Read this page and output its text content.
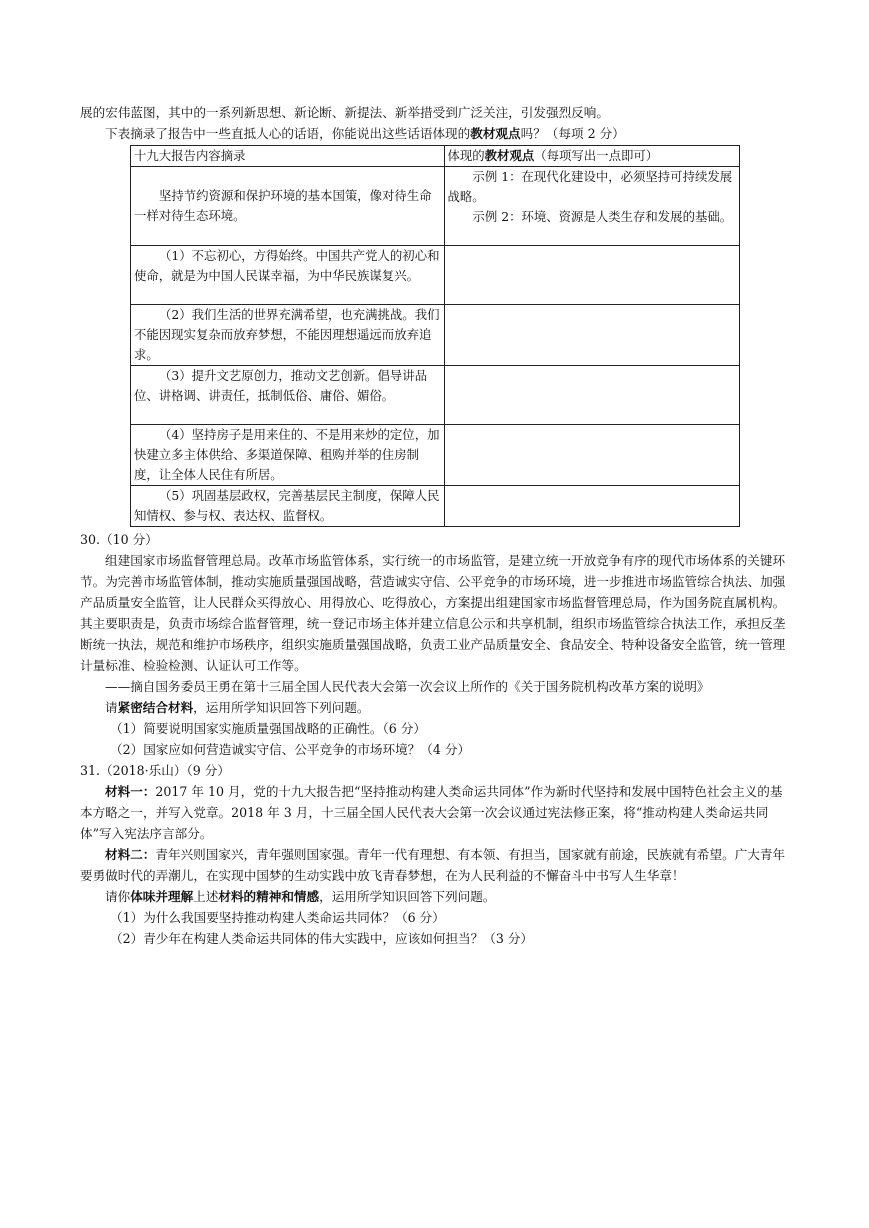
展的宏伟蓝图，其中的一系列新思想、新论断、新提法、新举措受到广泛关注，引发强烈反响。

下表摘录了报告中一些直抵人心的话语，你能说出这些话语体现的教材观点吗？（每项 2 分）

十九大报告内容摘录	体现的教材观点（每项写出一点即可）

坚持节约资源和保护环境的基本国策，像对待生命一样对待生态环境。	示例 1：在现代化建设中，必须坚持可持续发展战略。

示例 2：环境、资源是人类生存和发展的基础。

（1）不忘初心，方得始终。中国共产党人的初心和使命，就是为中国人民谋幸福，为中华民族谋复兴。	

（2）我们生活的世界充满希望，也充满挑战。我们不能因现实复杂而放弃梦想，不能因理想遥远而放弃追求。	

（3）提升文艺原创力，推动文艺创新。倡导讲品位、讲格调、讲责任，抵制低俗、庸俗、媚俗。	

（4）坚持房子是用来住的、不是用来炒的定位，加快建立多主体供给、多渠道保障、租购并举的住房制度，让全体人民住有所居。	

（5）巩固基层政权，完善基层民主制度，保障人民知情权、参与权、表达权、监督权。	

30.（10 分）

组建国家市场监督管理总局。改革市场监管体系，实行统一的市场监管，是建立统一开放竞争有序的现代市场体系的关键环节。为完善市场监管体制，推动实施质量强国战略，营造诚实守信、公平竞争的市场环境，进一步推进市场监管综合执法、加强产品质量安全监管，让人民群众买得放心、用得放心、吃得放心，方案提出组建国家市场监督管理总局，作为国务院直属机构。其主要职责是，负责市场综合监督管理，统一登记市场主体并建立信息公示和共享机制，组织市场监管综合执法工作，承担反垄断统一执法，规范和维护市场秩序，组织实施质量强国战略，负责工业产品质量安全、食品安全、特种设备安全监管，统一管理计量标准、检验检测、认证认可工作等。

——摘自国务委员王勇在第十三届全国人民代表大会第一次会议上所作的《关于国务院机构改革方案的说明》

请紧密结合材料，运用所学知识回答下列问题。

（1）简要说明国家实施质量强国战略的正确性。（6 分）

（2）国家应如何营造诚实守信、公平竞争的市场环境？（4 分）

31.（2018·乐山）（9 分）

材料一：2017 年 10 月，党的十九大报告把“坚持推动构建人类命运共同体”作为新时代坚持和发展中国特色社会主义的基本方略之一，并写入党章。2018 年 3 月，十三届全国人民代表大会第一次会议通过宪法修正案，将“推动构建人类命运共同体”写入宪法序言部分。

材料二：青年兴则国家兴，青年强则国家强。青年一代有理想、有本领、有担当，国家就有前途，民族就有希望。广大青年要勇做时代的弄潮儿，在实现中国梦的生动实践中放飞青春梦想，在为人民利益的不懈奋斗中书写人生华章！

请你体味并理解上述材料的精神和情感，运用所学知识回答下列问题。

（1）为什么我国要坚持推动构建人类命运共同体？（6 分）

（2）青少年在构建人类命运共同体的伟大实践中，应该如何担当？（3 分）
